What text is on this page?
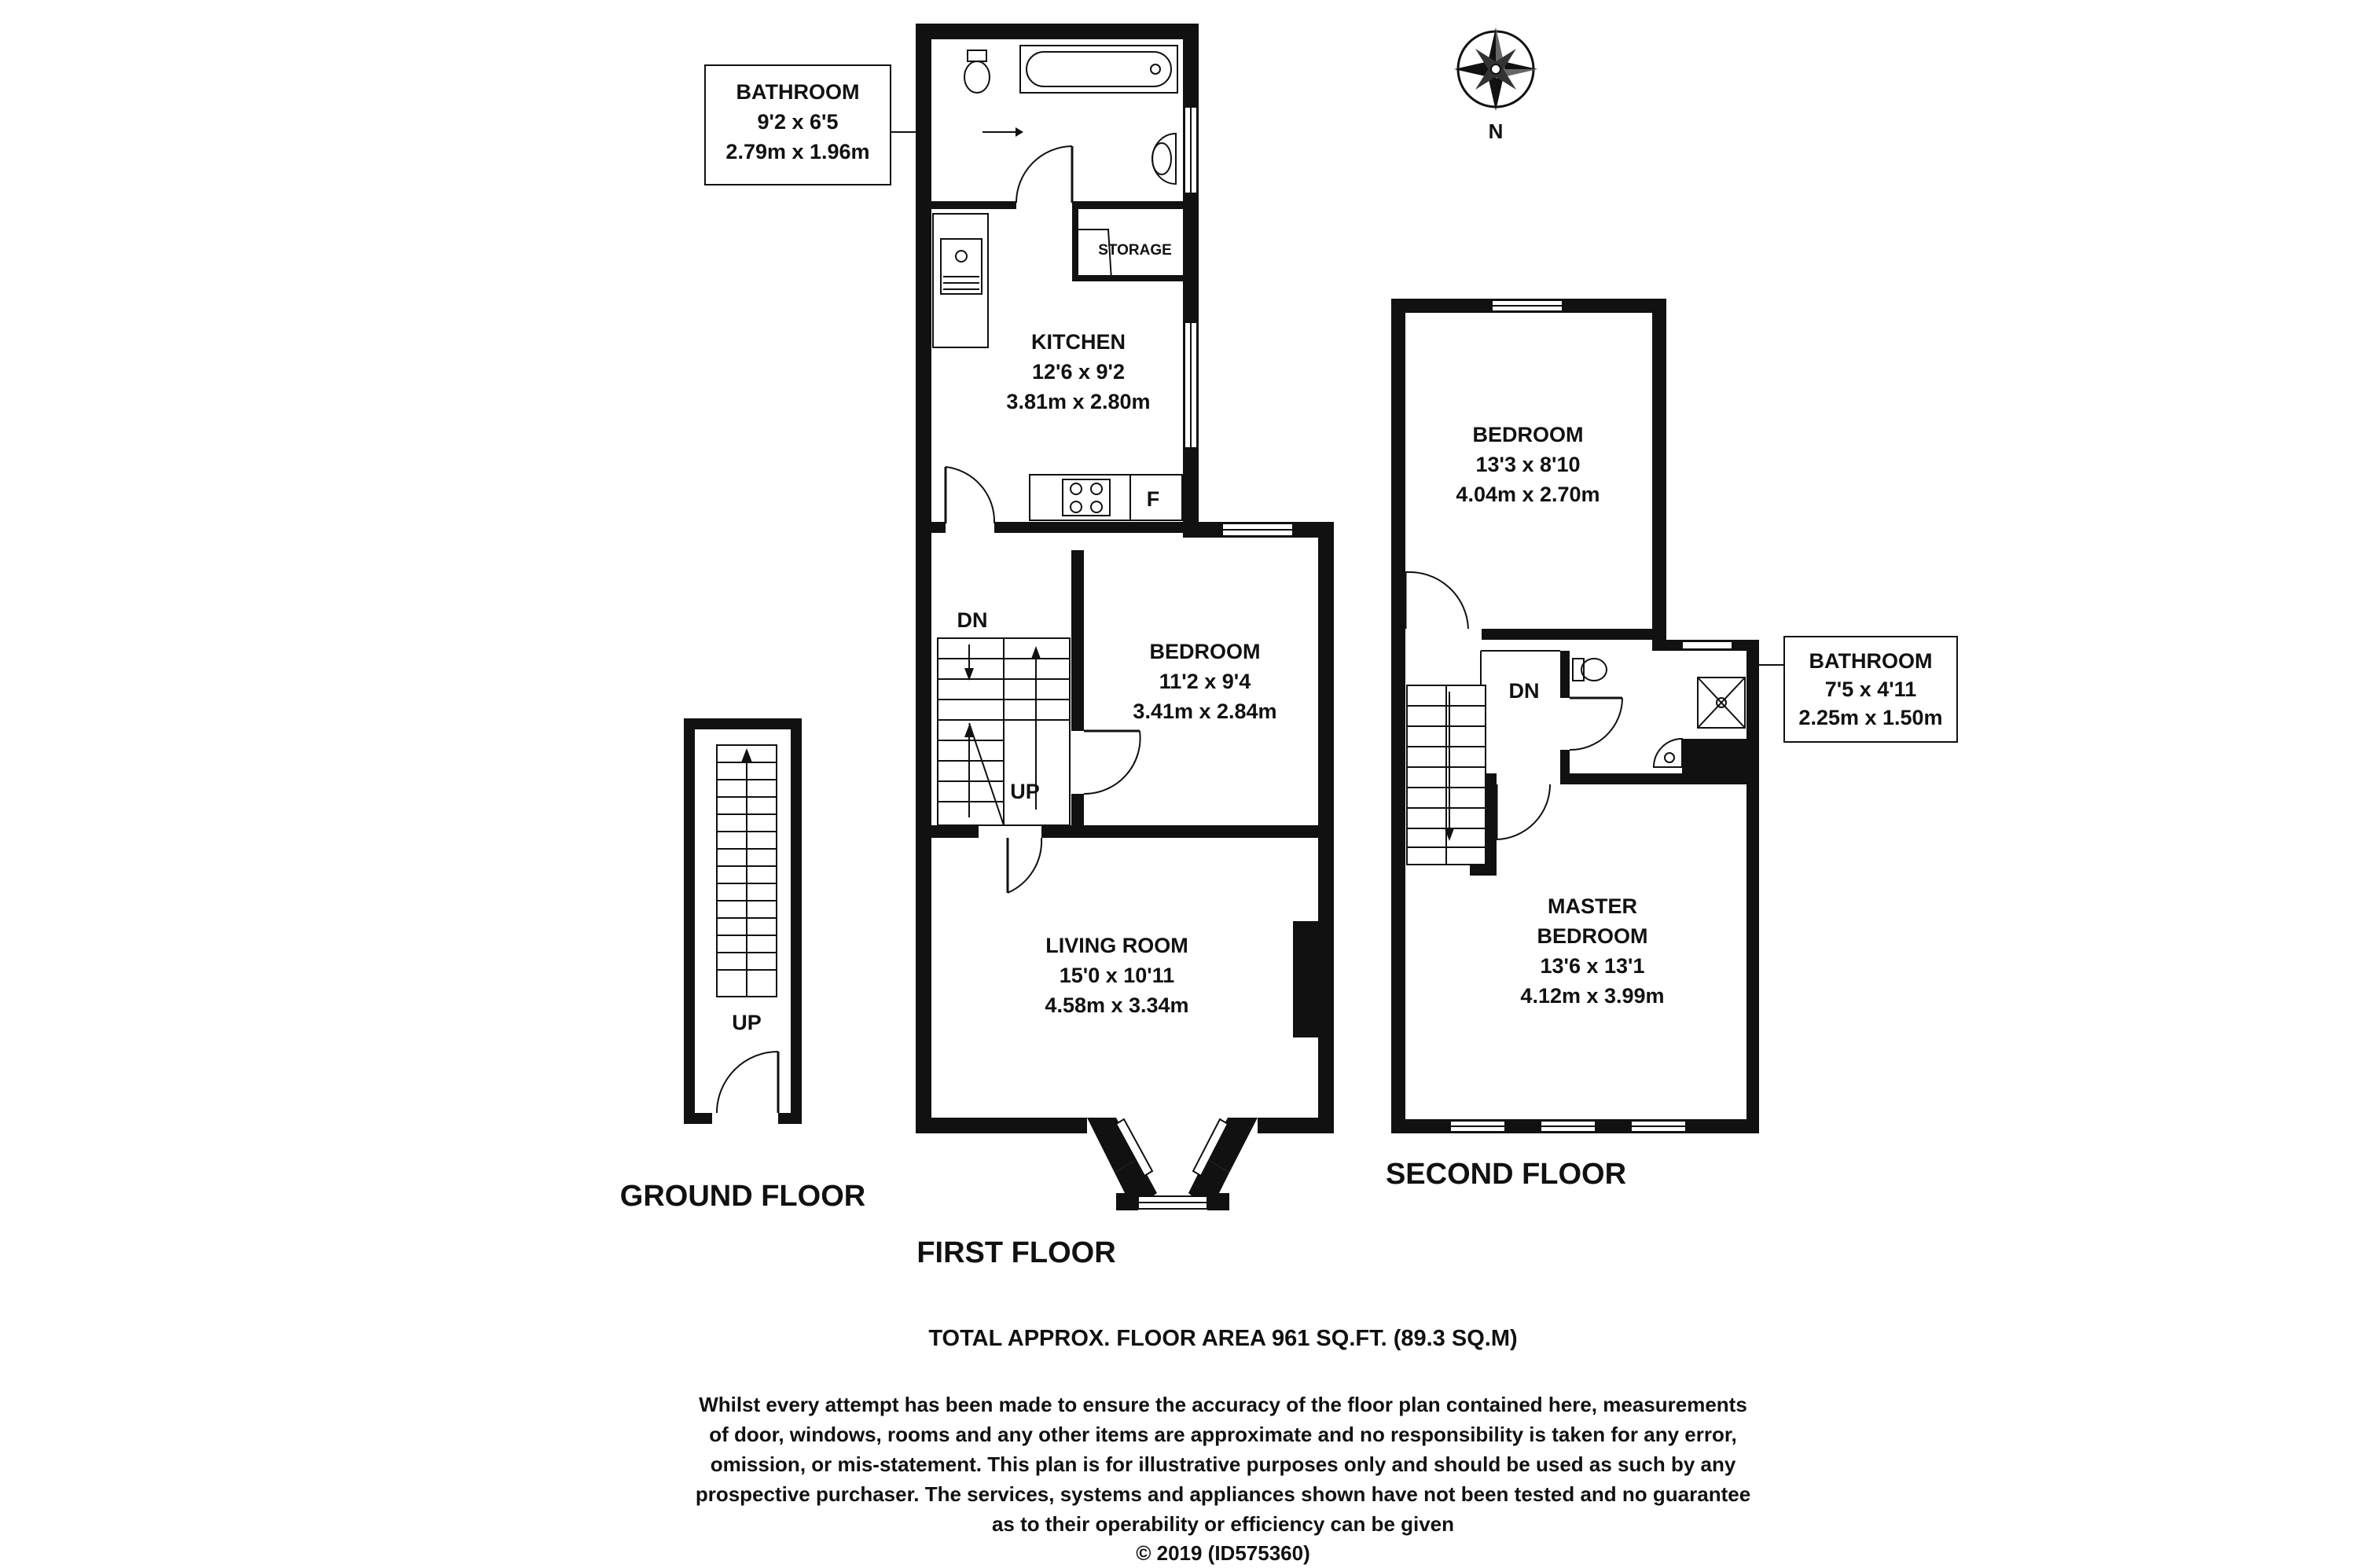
N
UP
GROUND FLOOR
BATHROOM
9'2 x 6'5
2.79m x 1.96m
STORAGE
KITCHEN
12'6 x 9'2
3.81m x 2.80m
F
DN
UP
BEDROOM
11'2 x 9'4
3.41m x 2.84m
LIVING ROOM
15'0 x 10'11
4.58m x 3.34m
FIRST FLOOR
BEDROOM
13'3 x 8'10
4.04m x 2.70m
BATHROOM
7'5 x 4'11
2.25m x 1.50m
DN
MASTER
BEDROOM
13'6 x 13'1
4.12m x 3.99m
SECOND FLOOR
TOTAL APPROX. FLOOR AREA 961 SQ.FT. (89.3 SQ.M)
Whilst every attempt has been made to ensure the accuracy of the floor plan contained here, measurements
of door, windows, rooms and any other items are approximate and no responsibility is taken for any error,
omission, or mis-statement. This plan is for illustrative purposes only and should be used as such by any
prospective purchaser. The services, systems and appliances shown have not been tested and no guarantee
as to their operability or efficiency can be given
© 2019 (ID575360)
